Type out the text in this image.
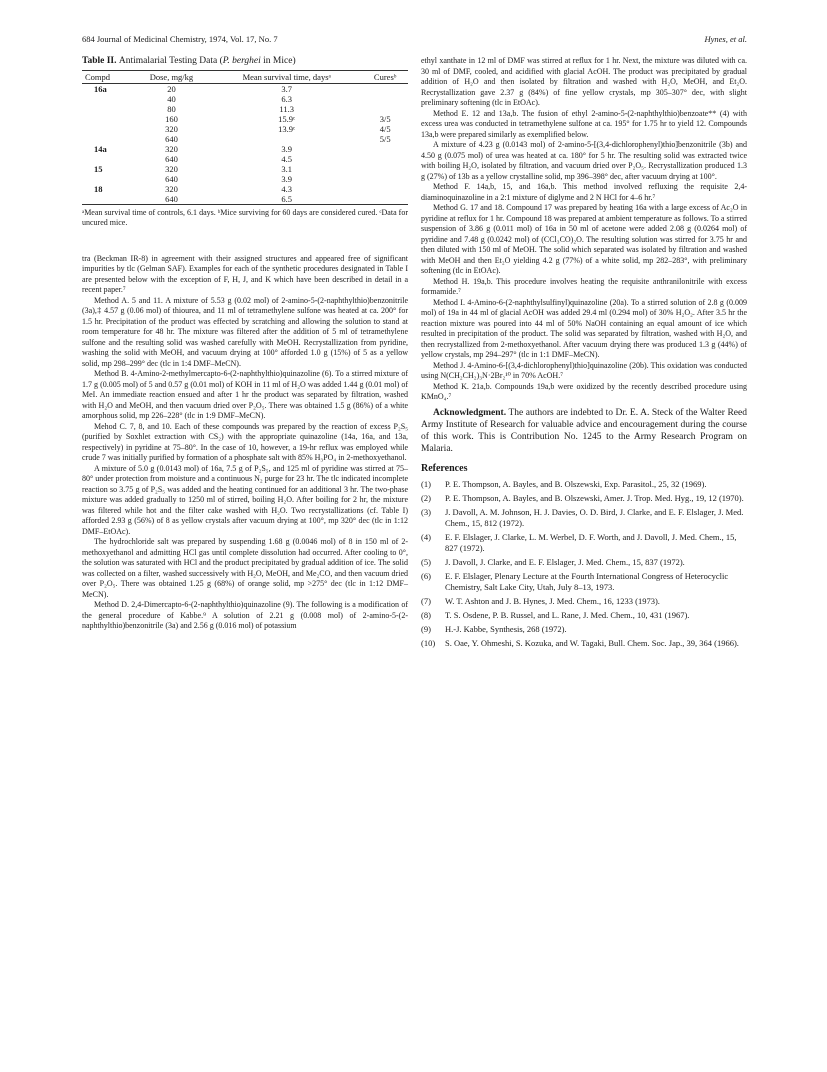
684 Journal of Medicinal Chemistry, 1974, Vol. 17, No. 7	Hynes, et al.
Table II. Antimalarial Testing Data (P. berghei in Mice)
Compd	Dose, mg/kg	Mean survival time, daysᵃ	Curesᵇ
16a	20	3.7	
	40	6.3	
	80	11.3	
	160	15.9ᶜ	3/5
	320	13.9ᶜ	4/5
	640		5/5
14a	320	3.9	
	640	4.5	
15	320	3.1	
	640	3.9	
18	320	4.3	
	640	6.5	
ᵃMean survival time of controls, 6.1 days. ᵇMice surviving for 60 days are considered cured. ᶜData for uncured mice.

tra (Beckman IR-8) in agreement with their assigned structures and appeared free of significant impurities by tlc (Gelman SAF). Examples for each of the synthetic procedures designated in Table I are presented below with the exception of F, H, J, and K which have been described in detail in a recent paper.⁷

Method A. 5 and 11. A mixture of 5.53 g (0.02 mol) of 2-amino-5-(2-naphthylthio)benzonitrile (3a),‡ 4.57 g (0.06 mol) of thiourea, and 11 ml of tetramethylene sulfone was heated at ca. 200° for 1.5 hr. Precipitation of the product was effected by scratching and allowing the solution to stand at room temperature for 48 hr. The mixture was filtered after the addition of 5 ml of tetramethylene sulfone and the resulting solid was washed carefully with MeOH. Recrystallization from pyridine, washing the solid with MeOH, and vacuum drying at 100° afforded 1.0 g (15%) of 5 as a yellow solid, mp 298–299° dec (tlc in 1:4 DMF–MeCN).

Method B. 4-Amino-2-methylmercapto-6-(2-naphthylthio)quinazoline (6). To a stirred mixture of 1.7 g (0.005 mol) of 5 and 0.57 g (0.01 mol) of KOH in 11 ml of H₂O was added 1.44 g (0.01 mol) of MeI. An immediate reaction ensued and after 1 hr the product was separated by filtration, washed with H₂O and MeOH, and then vacuum dried over P₂O₅. There was obtained 1.5 g (86%) of a white amorphous solid, mp 226–228° (tlc in 1:9 DMF–MeCN).

Mehod C. 7, 8, and 10. Each of these compounds was prepared by the reaction of excess P₂S₅ (purified by Soxhlet extraction with CS₂) with the appropriate quinazoline (14a, 16a, and 13a, respectively) in pyridine at 75–80°. In the case of 10, however, a 19-hr reflux was employed while crude 7 was initially purified by formation of a phosphate salt with 85% H₃PO₄ in 2-methoxyethanol.

A mixture of 5.0 g (0.0143 mol) of 16a, 7.5 g of P₂S₅, and 125 ml of pyridine was stirred at 75–80° under protection from moisture and a continuous N₂ purge for 23 hr. The tlc indicated incomplete reaction so 3.75 g of P₂S₅ was added and the heating continued for an additional 3 hr. The two-phase mixture was added gradually to 1250 ml of stirred, boiling H₂O. After boiling for 2 hr, the mixture was filtered while hot and the filter cake washed with H₂O. Two recrystallizations (cf. Table I) afforded 2.93 g (56%) of 8 as yellow crystals after vacuum drying at 100°, mp 320° dec (tlc in 1:12 DMF–EtOAc).

The hydrochloride salt was prepared by suspending 1.68 g (0.0046 mol) of 8 in 150 ml of 2-methoxyethanol and admitting HCl gas until complete dissolution had occurred. After cooling to 0°, the solution was saturated with HCl and the product precipitated by gradual addition of ice. The solid was collected on a filter, washed successively with H₂O, MeOH, and Me₂CO, and then vacuum dried over P₂O₅. There was obtained 1.25 g (68%) of orange solid, mp >275° dec (tlc in 1:12 DMF–MeCN).

Method D. 2,4-Dimercapto-6-(2-naphthylthio)quinazoline (9). The following is a modification of the general procedure of Kabbe.⁹ A solution of 2.21 g (0.008 mol) of 2-amino-5-(2-naphthylthio)benzonitrile (3a) and 2.56 g (0.016 mol) of potassium

ethyl xanthate in 12 ml of DMF was stirred at reflux for 1 hr. Next, the mixture was diluted with ca. 30 ml of DMF, cooled, and acidified with glacial AcOH. The product was precipitated by gradual addition of H₂O and then isolated by filtration and washed with H₂O, MeOH, and Et₂O. Recrystallization gave 2.37 g (84%) of fine yellow crystals, mp 305–307° dec, with slight preliminary softening (tlc in EtOAc).

Method E. 12 and 13a,b. The fusion of ethyl 2-amino-5-(2-naphthylthio)benzoate** (4) with excess urea was conducted in tetramethylene sulfone at ca. 195° for 1.75 hr to yield 12. Compounds 13a,b were prepared similarly as exemplified below.

A mixture of 4.23 g (0.0143 mol) of 2-amino-5-[(3,4-dichlorophenyl)thio]benzonitrile (3b) and 4.50 g (0.075 mol) of urea was heated at ca. 180° for 5 hr. The resulting solid was extracted twice with boiling H₂O, isolated by filtration, and vacuum dried over P₂O₅. Recrystallization produced 1.3 g (27%) of 13b as a yellow crystalline solid, mp 396–398° dec, after vacuum drying at 100°.

Method F. 14a,b, 15, and 16a,b. This method involved refluxing the requisite 2,4-diaminoquinazoline in a 2:1 mixture of diglyme and 2 N HCl for 4–6 hr.⁷

Method G. 17 and 18. Compound 17 was prepared by heating 16a with a large excess of Ac₂O in pyridine at reflux for 1 hr. Compound 18 was prepared at ambient temperature as follows. To a stirred suspension of 3.86 g (0.011 mol) of 16a in 50 ml of acetone were added 2.08 g (0.0264 mol) of pyridine and 7.48 g (0.0242 mol) of (CCl₃CO)₂O. The resulting solution was stirred for 3.75 hr and then diluted with 150 ml of MeOH. The solid which separated was isolated by filtration and washed with MeOH and then Et₂O yielding 4.2 g (77%) of a white solid, mp 282–283°, with preliminary softening (tlc in EtOAc).

Method H. 19a,b. This procedure involves heating the requisite anthranilonitrile with excess formamide.⁷

Method I. 4-Amino-6-(2-naphthylsulfinyl)quinazoline (20a). To a stirred solution of 2.8 g (0.009 mol) of 19a in 44 ml of glacial AcOH was added 29.4 ml (0.294 mol) of 30% H₂O₂. After 3.5 hr the reaction mixture was poured into 44 ml of 50% NaOH containing an equal amount of ice which resulted in precipitation of the product. The solid was separated by filtration, washed with H₂O, and then recrystallized from 2-methoxyethanol. After vacuum drying there was produced 1.3 g (44%) of yellow crystals, mp 294–297° (tlc in 1:1 DMF–MeCN).

Method J. 4-Amino-6-[(3,4-dichlorophenyl)thio]quinazoline (20b). This oxidation was conducted using N(CH₂CH₂)₃N·2Br₂¹⁰ in 70% AcOH.⁷

Method K. 21a,b. Compounds 19a,b were oxidized by the recently described procedure using KMnO₄.⁷

Acknowledgment. The authors are indebted to Dr. E. A. Steck of the Walter Reed Army Institute of Research for valuable advice and encouragement during the course of this work. This is Contribution No. 1245 to the Army Research Program on Malaria.

References
(1) P. E. Thompson, A. Bayles, and B. Olszewski, Exp. Parasitol., 25, 32 (1969).
(2) P. E. Thompson, A. Bayles, and B. Olszewski, Amer. J. Trop. Med. Hyg., 19, 12 (1970).
(3) J. Davoll, A. M. Johnson, H. J. Davies, O. D. Bird, J. Clarke, and E. F. Elslager, J. Med. Chem., 15, 812 (1972).
(4) E. F. Elslager, J. Clarke, L. M. Werbel, D. F. Worth, and J. Davoll, J. Med. Chem., 15, 827 (1972).
(5) J. Davoll, J. Clarke, and E. F. Elslager, J. Med. Chem., 15, 837 (1972).
(6) E. F. Elslager, Plenary Lecture at the Fourth International Congress of Heterocyclic Chemistry, Salt Lake City, Utah, July 8–13, 1973.
(7) W. T. Ashton and J. B. Hynes, J. Med. Chem., 16, 1233 (1973).
(8) T. S. Osdene, P. B. Russel, and L. Rane, J. Med. Chem., 10, 431 (1967).
(9) H.-J. Kabbe, Synthesis, 268 (1972).
(10) S. Oae, Y. Ohmeshi, S. Kozuka, and W. Tagaki, Bull. Chem. Soc. Jap., 39, 364 (1966).
